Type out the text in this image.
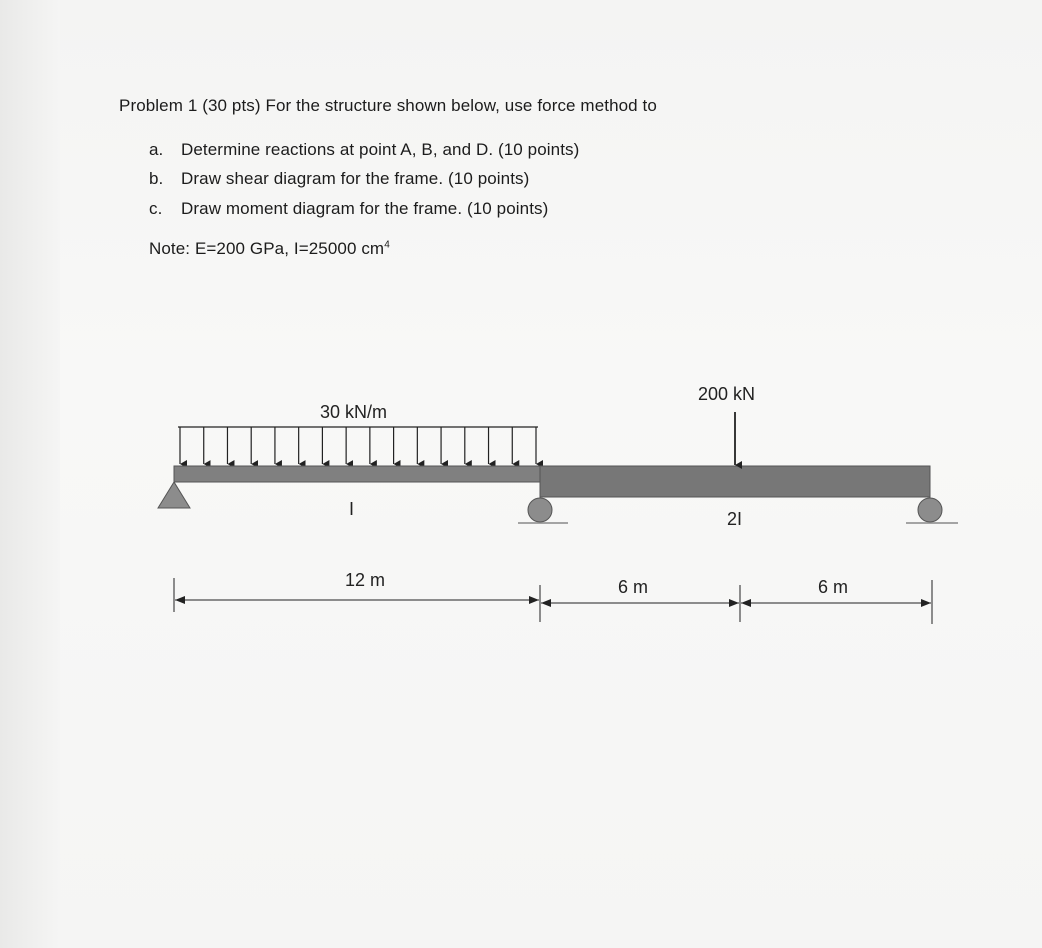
Problem 1 (30 pts) For the structure shown below, use force method to
a. Determine reactions at point A, B, and D. (10 points)
b. Draw shear diagram for the frame. (10 points)
c. Draw moment diagram for the frame. (10 points)
Note: E=200 GPa, I=25000 $cm^4$
30 kN/m
200 kN
I	2I
12 m	6 m	6 m
